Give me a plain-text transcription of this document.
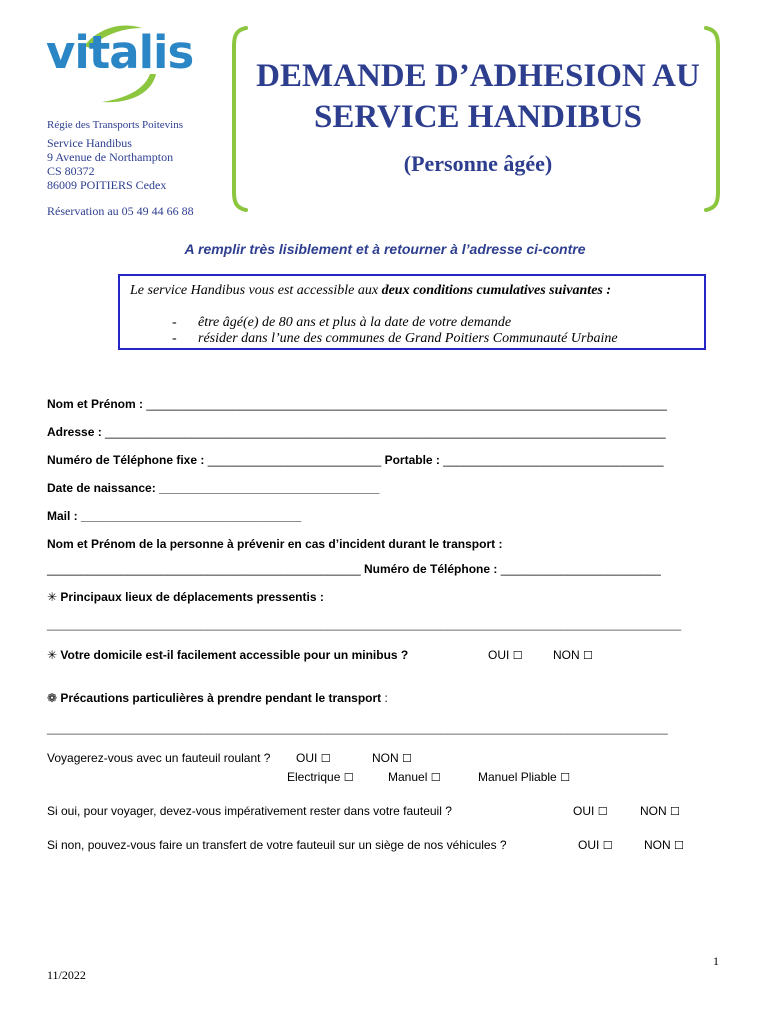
vitalis
Régie des Transports Poitevins
Service Handibus
9 Avenue de Northampton
CS 80372
86009 POITIERS Cedex
Réservation au 05 49 44 66 88
DEMANDE D’ADHESION AU
SERVICE HANDIBUS
(Personne âgée)
A remplir très lisiblement et à retourner à l’adresse ci-contre
Le service Handibus vous est accessible aux deux conditions cumulatives suivantes :
- être âgé(e) de 80 ans et plus à la date de votre demande
- résider dans l’une des communes de Grand Poitiers Communauté Urbaine
Nom et Prénom : ______________________________________________________________________________
Adresse : ____________________________________________________________________________________
Numéro de Téléphone fixe : __________________________ Portable : _________________________________
Date de naissance: _________________________________
Mail : _________________________________
Nom et Prénom de la personne à prévenir en cas d’incident durant le transport :
_______________________________________________ Numéro de Téléphone : ________________________
✳ Principaux lieux de déplacements pressentis :
_______________________________________________________________________________________________
✳ Votre domicile est-il facilement accessible pour un minibus ?	OUI ☐	NON ☐
❁ Précautions particulières à prendre pendant le transport :
_____________________________________________________________________________________________
Voyagerez-vous avec un fauteuil roulant ? OUI ☐	NON ☐
Electrique ☐	Manuel ☐	Manuel Pliable ☐
Si oui, pour voyager, devez-vous impérativement rester dans votre fauteuil ?	OUI ☐	NON ☐
Si non, pouvez-vous faire un transfert de votre fauteuil sur un siège de nos véhicules ?	OUI ☐	NON ☐
1
11/2022
